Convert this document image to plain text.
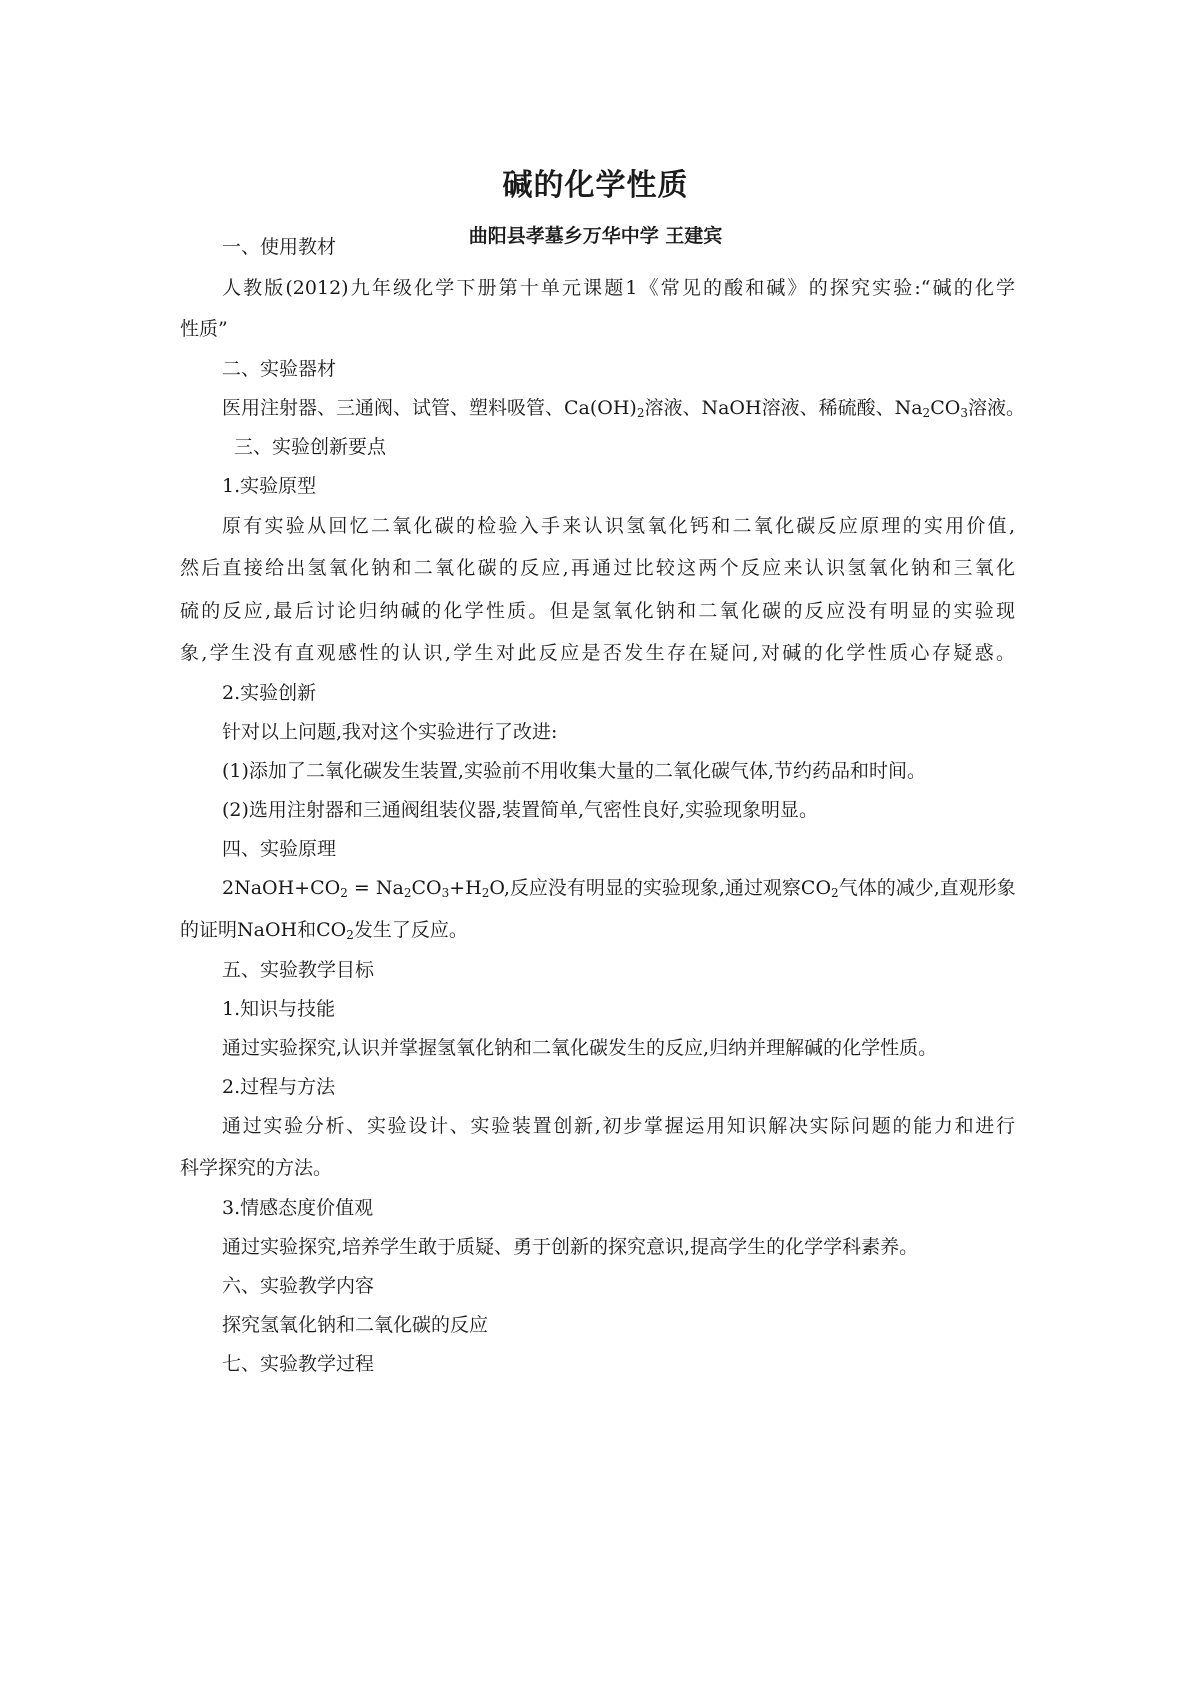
碱的化学性质
曲阳县孝墓乡万华中学 王建宾
一、使用教材
人教版(2012)九年级化学下册第十单元课题1《常见的酸和碱》的探究实验:“碱的化学
性质”
二、实验器材
医用注射器、三通阀、试管、塑料吸管、$Ca(OH)_2$溶液、NaOH溶液、稀硫酸、$Na_2CO_3$溶液。
三、实验创新要点
1.实验原型
原有实验从回忆二氧化碳的检验入手来认识氢氧化钙和二氧化碳反应原理的实用价值,
然后直接给出氢氧化钠和二氧化碳的反应,再通过比较这两个反应来认识氢氧化钠和三氧化
硫的反应,最后讨论归纳碱的化学性质。但是氢氧化钠和二氧化碳的反应没有明显的实验现
象,学生没有直观感性的认识,学生对此反应是否发生存在疑问,对碱的化学性质心存疑惑。
2.实验创新
针对以上问题,我对这个实验进行了改进:
(1)添加了二氧化碳发生装置,实验前不用收集大量的二氧化碳气体,节约药品和时间。
(2)选用注射器和三通阀组装仪器,装置简单,气密性良好,实验现象明显。
四、实验原理
$2NaOH+CO_2 = Na_2CO_3+H_2O$,反应没有明显的实验现象,通过观察$CO_2$气体的减少,直观形象
的证明NaOH和$CO_2$发生了反应。
五、实验教学目标
1.知识与技能
通过实验探究,认识并掌握氢氧化钠和二氧化碳发生的反应,归纳并理解碱的化学性质。
2.过程与方法
通过实验分析、实验设计、实验装置创新,初步掌握运用知识解决实际问题的能力和进行
科学探究的方法。
3.情感态度价值观
通过实验探究,培养学生敢于质疑、勇于创新的探究意识,提高学生的化学学科素养。
六、实验教学内容
探究氢氧化钠和二氧化碳的反应
七、实验教学过程
